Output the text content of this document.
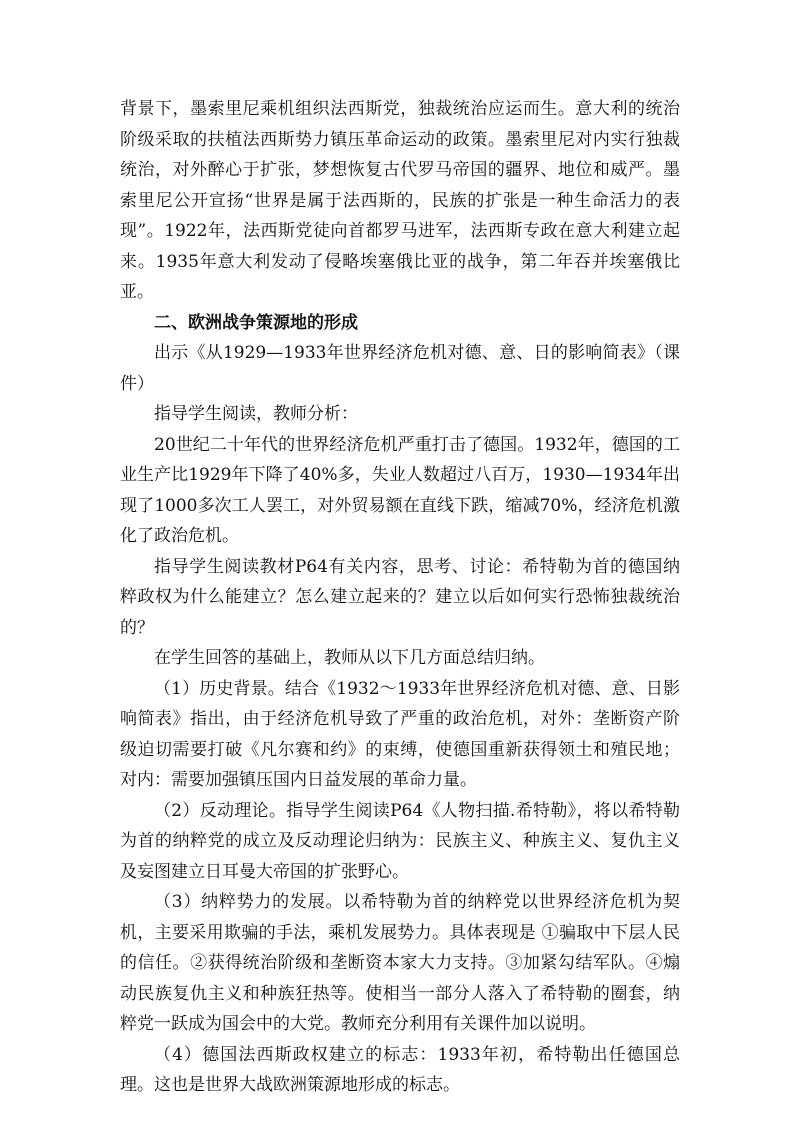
背景下，墨索里尼乘机组织法西斯党，独裁统治应运而生。意大利的统治阶级采取的扶植法西斯势力镇压革命运动的政策。墨索里尼对内实行独裁统治，对外醉心于扩张，梦想恢复古代罗马帝国的疆界、地位和威严。墨索里尼公开宣扬“世界是属于法西斯的，民族的扩张是一种生命活力的表现”。1922年，法西斯党徒向首都罗马进军，法西斯专政在意大利建立起来。1935年意大利发动了侵略埃塞俄比亚的战争，第二年吞并埃塞俄比亚。

二、欧洲战争策源地的形成

出示《从1929—1933年世界经济危机对德、意、日的影响简表》（课件）

指导学生阅读，教师分析：

20世纪二十年代的世界经济危机严重打击了德国。1932年，德国的工业生产比1929年下降了40%多，失业人数超过八百万，1930—1934年出现了1000多次工人罢工，对外贸易额在直线下跌，缩减70%，经济危机激化了政治危机。

指导学生阅读教材P64有关内容，思考、讨论：希特勒为首的德国纳粹政权为什么能建立？怎么建立起来的？建立以后如何实行恐怖独裁统治的？

在学生回答的基础上，教师从以下几方面总结归纳。

（1）历史背景。结合《1932～1933年世界经济危机对德、意、日影响简表》指出，由于经济危机导致了严重的政治危机，对外：垄断资产阶级迫切需要打破《凡尔赛和约》的束缚，使德国重新获得领土和殖民地；对内：需要加强镇压国内日益发展的革命力量。

（2）反动理论。指导学生阅读P64《人物扫描.希特勒》，将以希特勒为首的纳粹党的成立及反动理论归纳为：民族主义、种族主义、复仇主义及妄图建立日耳曼大帝国的扩张野心。

（3）纳粹势力的发展。以希特勒为首的纳粹党以世界经济危机为契机，主要采用欺骗的手法，乘机发展势力。具体表现是 ①骗取中下层人民的信任。②获得统治阶级和垄断资本家大力支持。③加紧勾结军队。④煽动民族复仇主义和种族狂热等。使相当一部分人落入了希特勒的圈套，纳粹党一跃成为国会中的大党。教师充分利用有关课件加以说明。

（4）德国法西斯政权建立的标志：1933年初，希特勒出任德国总理。这也是世界大战欧洲策源地形成的标志。
